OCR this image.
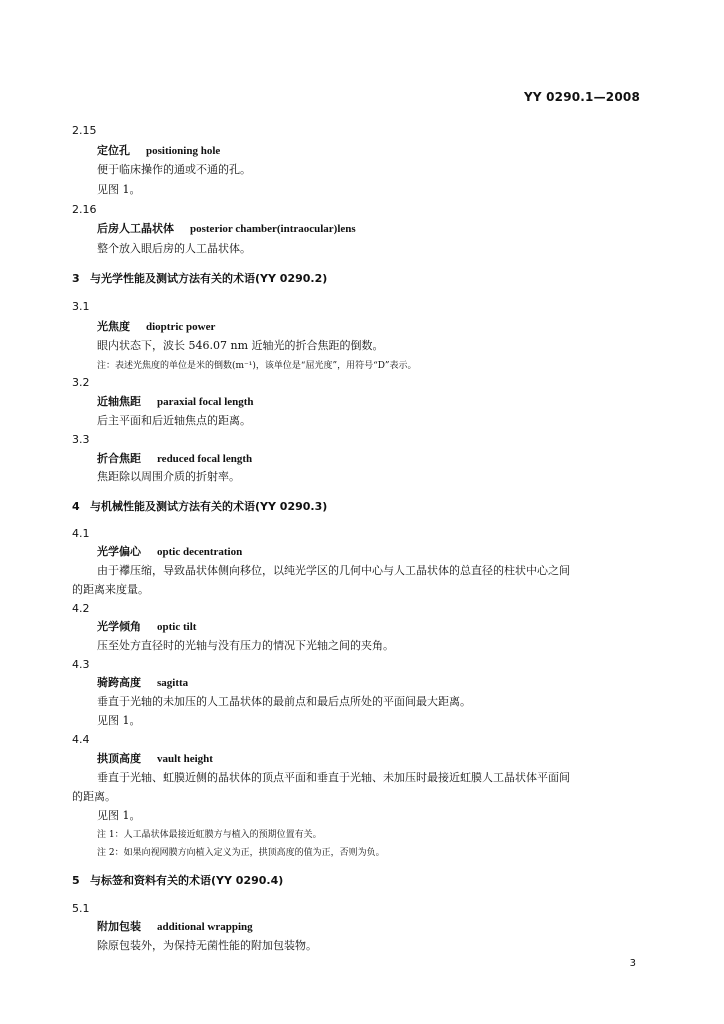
YY 0290.1—2008
2.15
定位孔 positioning hole
便于临床操作的通或不通的孔。
见图 1。
2.16
后房人工晶状体 posterior chamber(intraocular)lens
整个放入眼后房的人工晶状体。
3 与光学性能及测试方法有关的术语(YY 0290.2)
3.1
光焦度 dioptric power
眼内状态下，波长 546.07 nm 近轴光的折合焦距的倒数。
注：表述光焦度的单位是米的倒数(m⁻¹)，该单位是“屈光度”，用符号“D”表示。
3.2
近轴焦距 paraxial focal length
后主平面和后近轴焦点的距离。
3.3
折合焦距 reduced focal length
焦距除以周围介质的折射率。
4 与机械性能及测试方法有关的术语(YY 0290.3)
4.1
光学偏心 optic decentration
由于襻压缩，导致晶状体侧向移位，以纯光学区的几何中心与人工晶状体的总直径的柱状中心之间
的距离来度量。
4.2
光学倾角 optic tilt
压至处方直径时的光轴与没有压力的情况下光轴之间的夹角。
4.3
骑跨高度 sagitta
垂直于光轴的未加压的人工晶状体的最前点和最后点所处的平面间最大距离。
见图 1。
4.4
拱顶高度 vault height
垂直于光轴、虹膜近侧的晶状体的顶点平面和垂直于光轴、未加压时最接近虹膜人工晶状体平面间
的距离。
见图 1。
注 1：人工晶状体最接近虹膜方与植入的预期位置有关。
注 2：如果向视网膜方向植入定义为正，拱顶高度的值为正，否则为负。
5 与标签和资料有关的术语(YY 0290.4)
5.1
附加包装 additional wrapping
除原包装外，为保持无菌性能的附加包装物。
3
